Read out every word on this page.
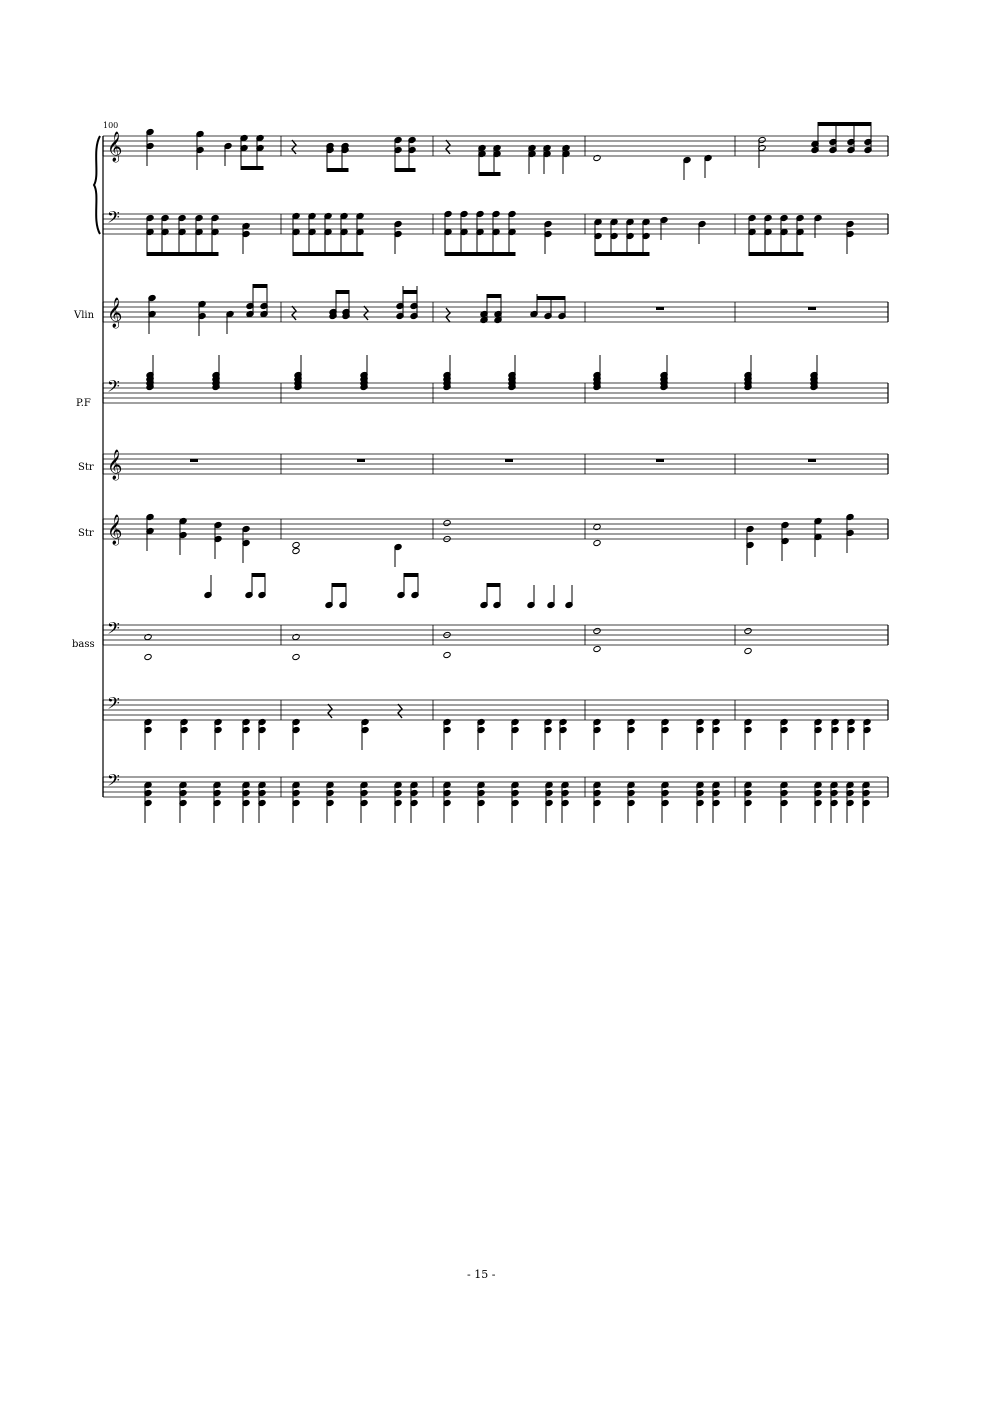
𝄞
𝄢
𝄞
𝄢
𝄞
𝄞
𝄢
𝄢
𝄢
100
Vlin
P.F
Str
Str
bass
- 15 -
